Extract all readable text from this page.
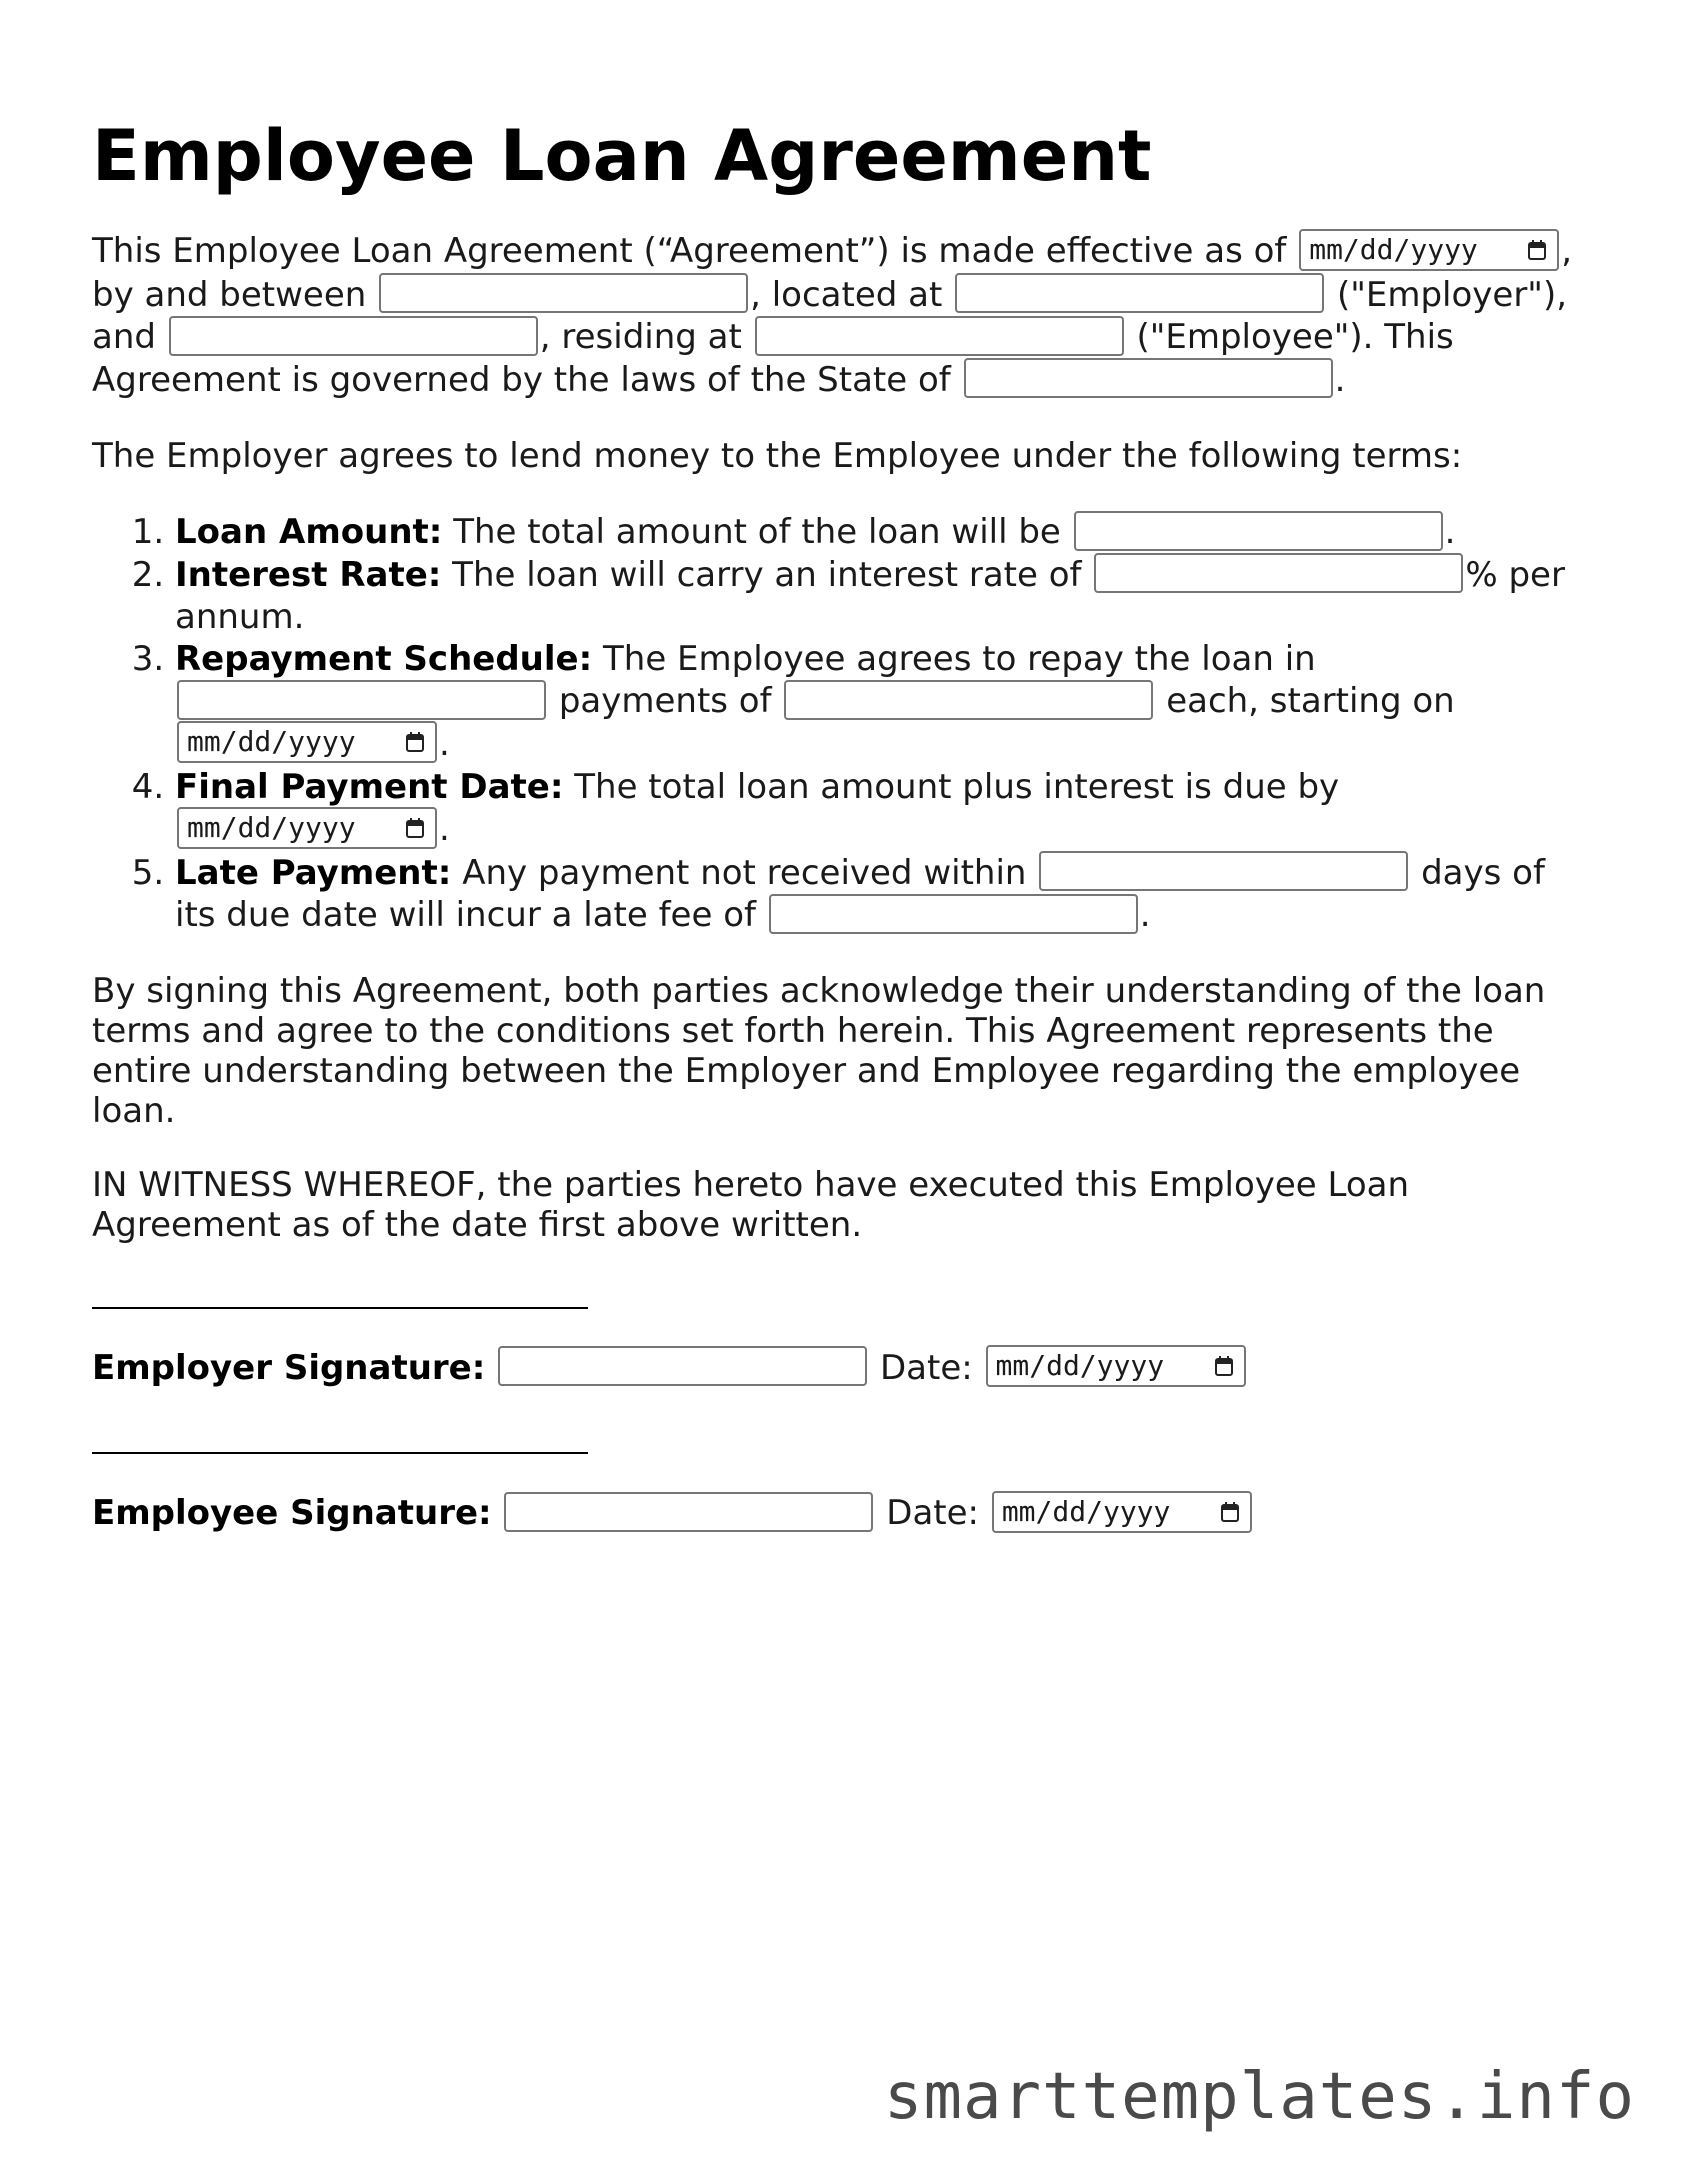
Employee Loan Agreement

This Employee Loan Agreement (“Agreement”) is made effective as of mm/dd/yyyy , by and between	, located at	("Employer"), and	, residing at	("Employee"). This Agreement is governed by the laws of the State of	.

The Employer agrees to lend money to the Employee under the following terms:

1. Loan Amount: The total amount of the loan will be	.
2. Interest Rate: The loan will carry an interest rate of	% per annum.
3. Repayment Schedule: The Employee agrees to repay the loan in  payments of	each, starting on
mm/dd/yyyy .
4. Final Payment Date: The total loan amount plus interest is due by
mm/dd/yyyy .
5. Late Payment: Any payment not received within	days of its due date will incur a late fee of	.

By signing this Agreement, both parties acknowledge their understanding of the loan terms and agree to the conditions set forth herein. This Agreement represents the entire understanding between the Employer and Employee regarding the employee loan.

IN WITNESS WHEREOF, the parties hereto have executed this Employee Loan Agreement as of the date first above written.

Employer Signature:	Date: mm/dd/yyyy
Employee Signature:	Date: mm/dd/yyyy
smarttemplates.info
